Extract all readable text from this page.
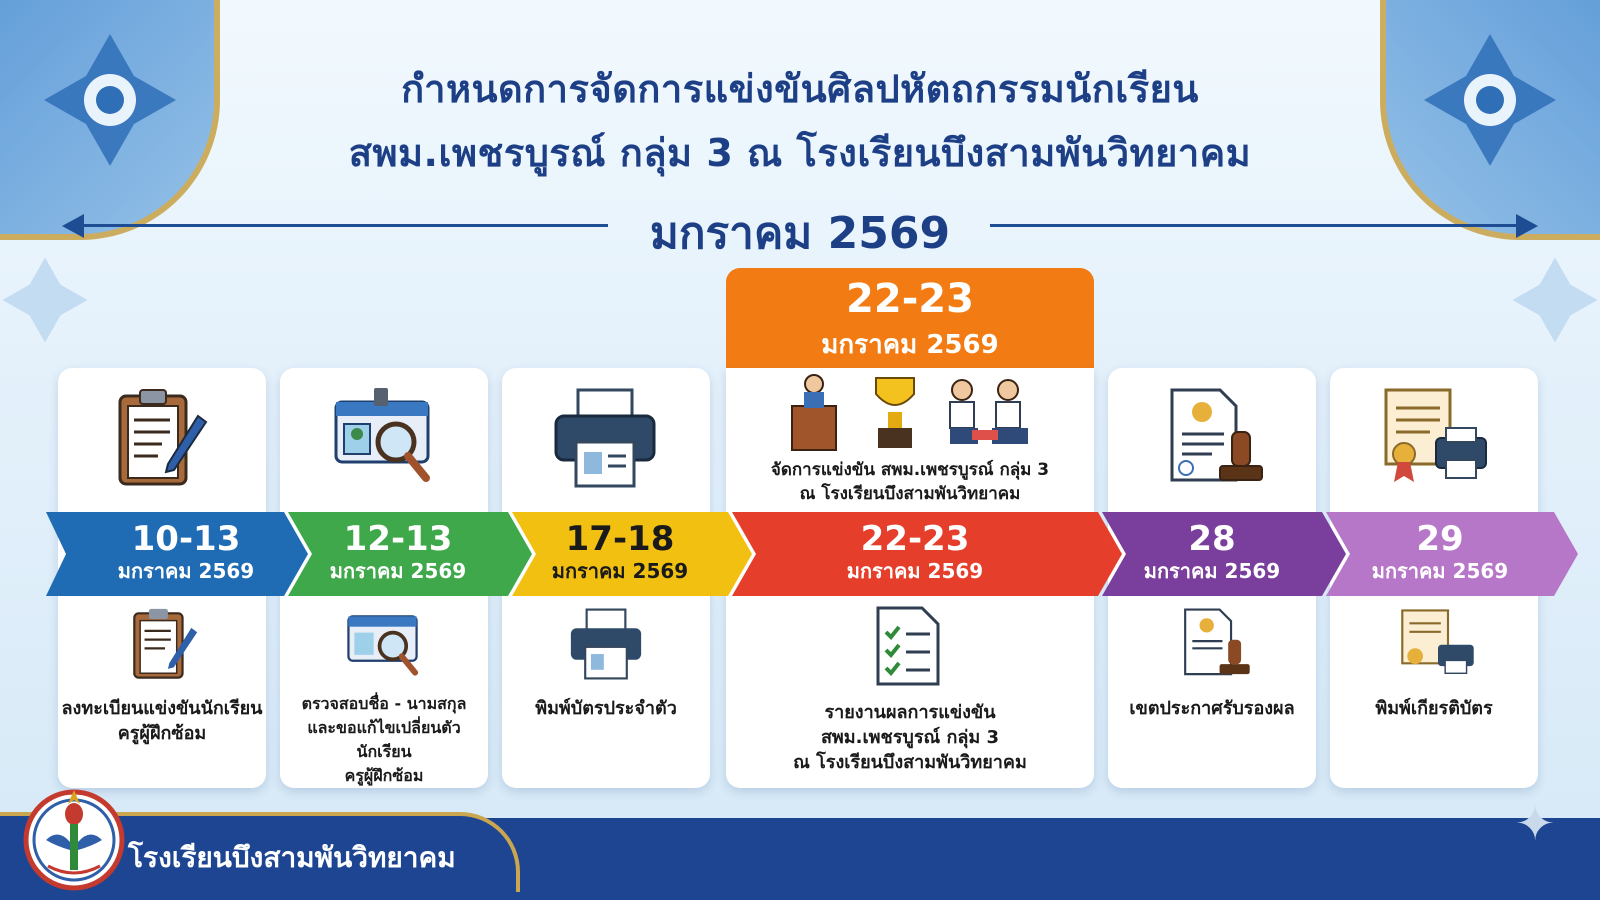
กำหนดการจัดการแข่งขันศิลปหัตถกรรมนักเรียน
สพม.เพชรบูรณ์ กลุ่ม 3 ณ โรงเรียนบึงสามพันวิทยาคม
มกราคม 2569
22-23
มกราคม 2569
จัดการแข่งขัน สพม.เพชรบูรณ์ กลุ่ม 3
ณ โรงเรียนบึงสามพันวิทยาคม
10-13
มกราคม 2569
12-13
มกราคม 2569
17-18
มกราคม 2569
22-23
มกราคม 2569
28
มกราคม 2569
29
มกราคม 2569
ลงทะเบียนแข่งขันนักเรียน
ครูผู้ฝึกซ้อม
ตรวจสอบชื่อ - นามสกุล
และขอแก้ไขเปลี่ยนตัวนักเรียน
ครูผู้ฝึกซ้อม
พิมพ์บัตรประจำตัว	รายงานผลการแข่งขัน
สพม.เพชรบูรณ์ กลุ่ม 3
ณ โรงเรียนบึงสามพันวิทยาคม
เขตประกาศรับรองผล	พิมพ์เกียรติบัตร
โรงเรียนบึงสามพันวิทยาคม
✦
